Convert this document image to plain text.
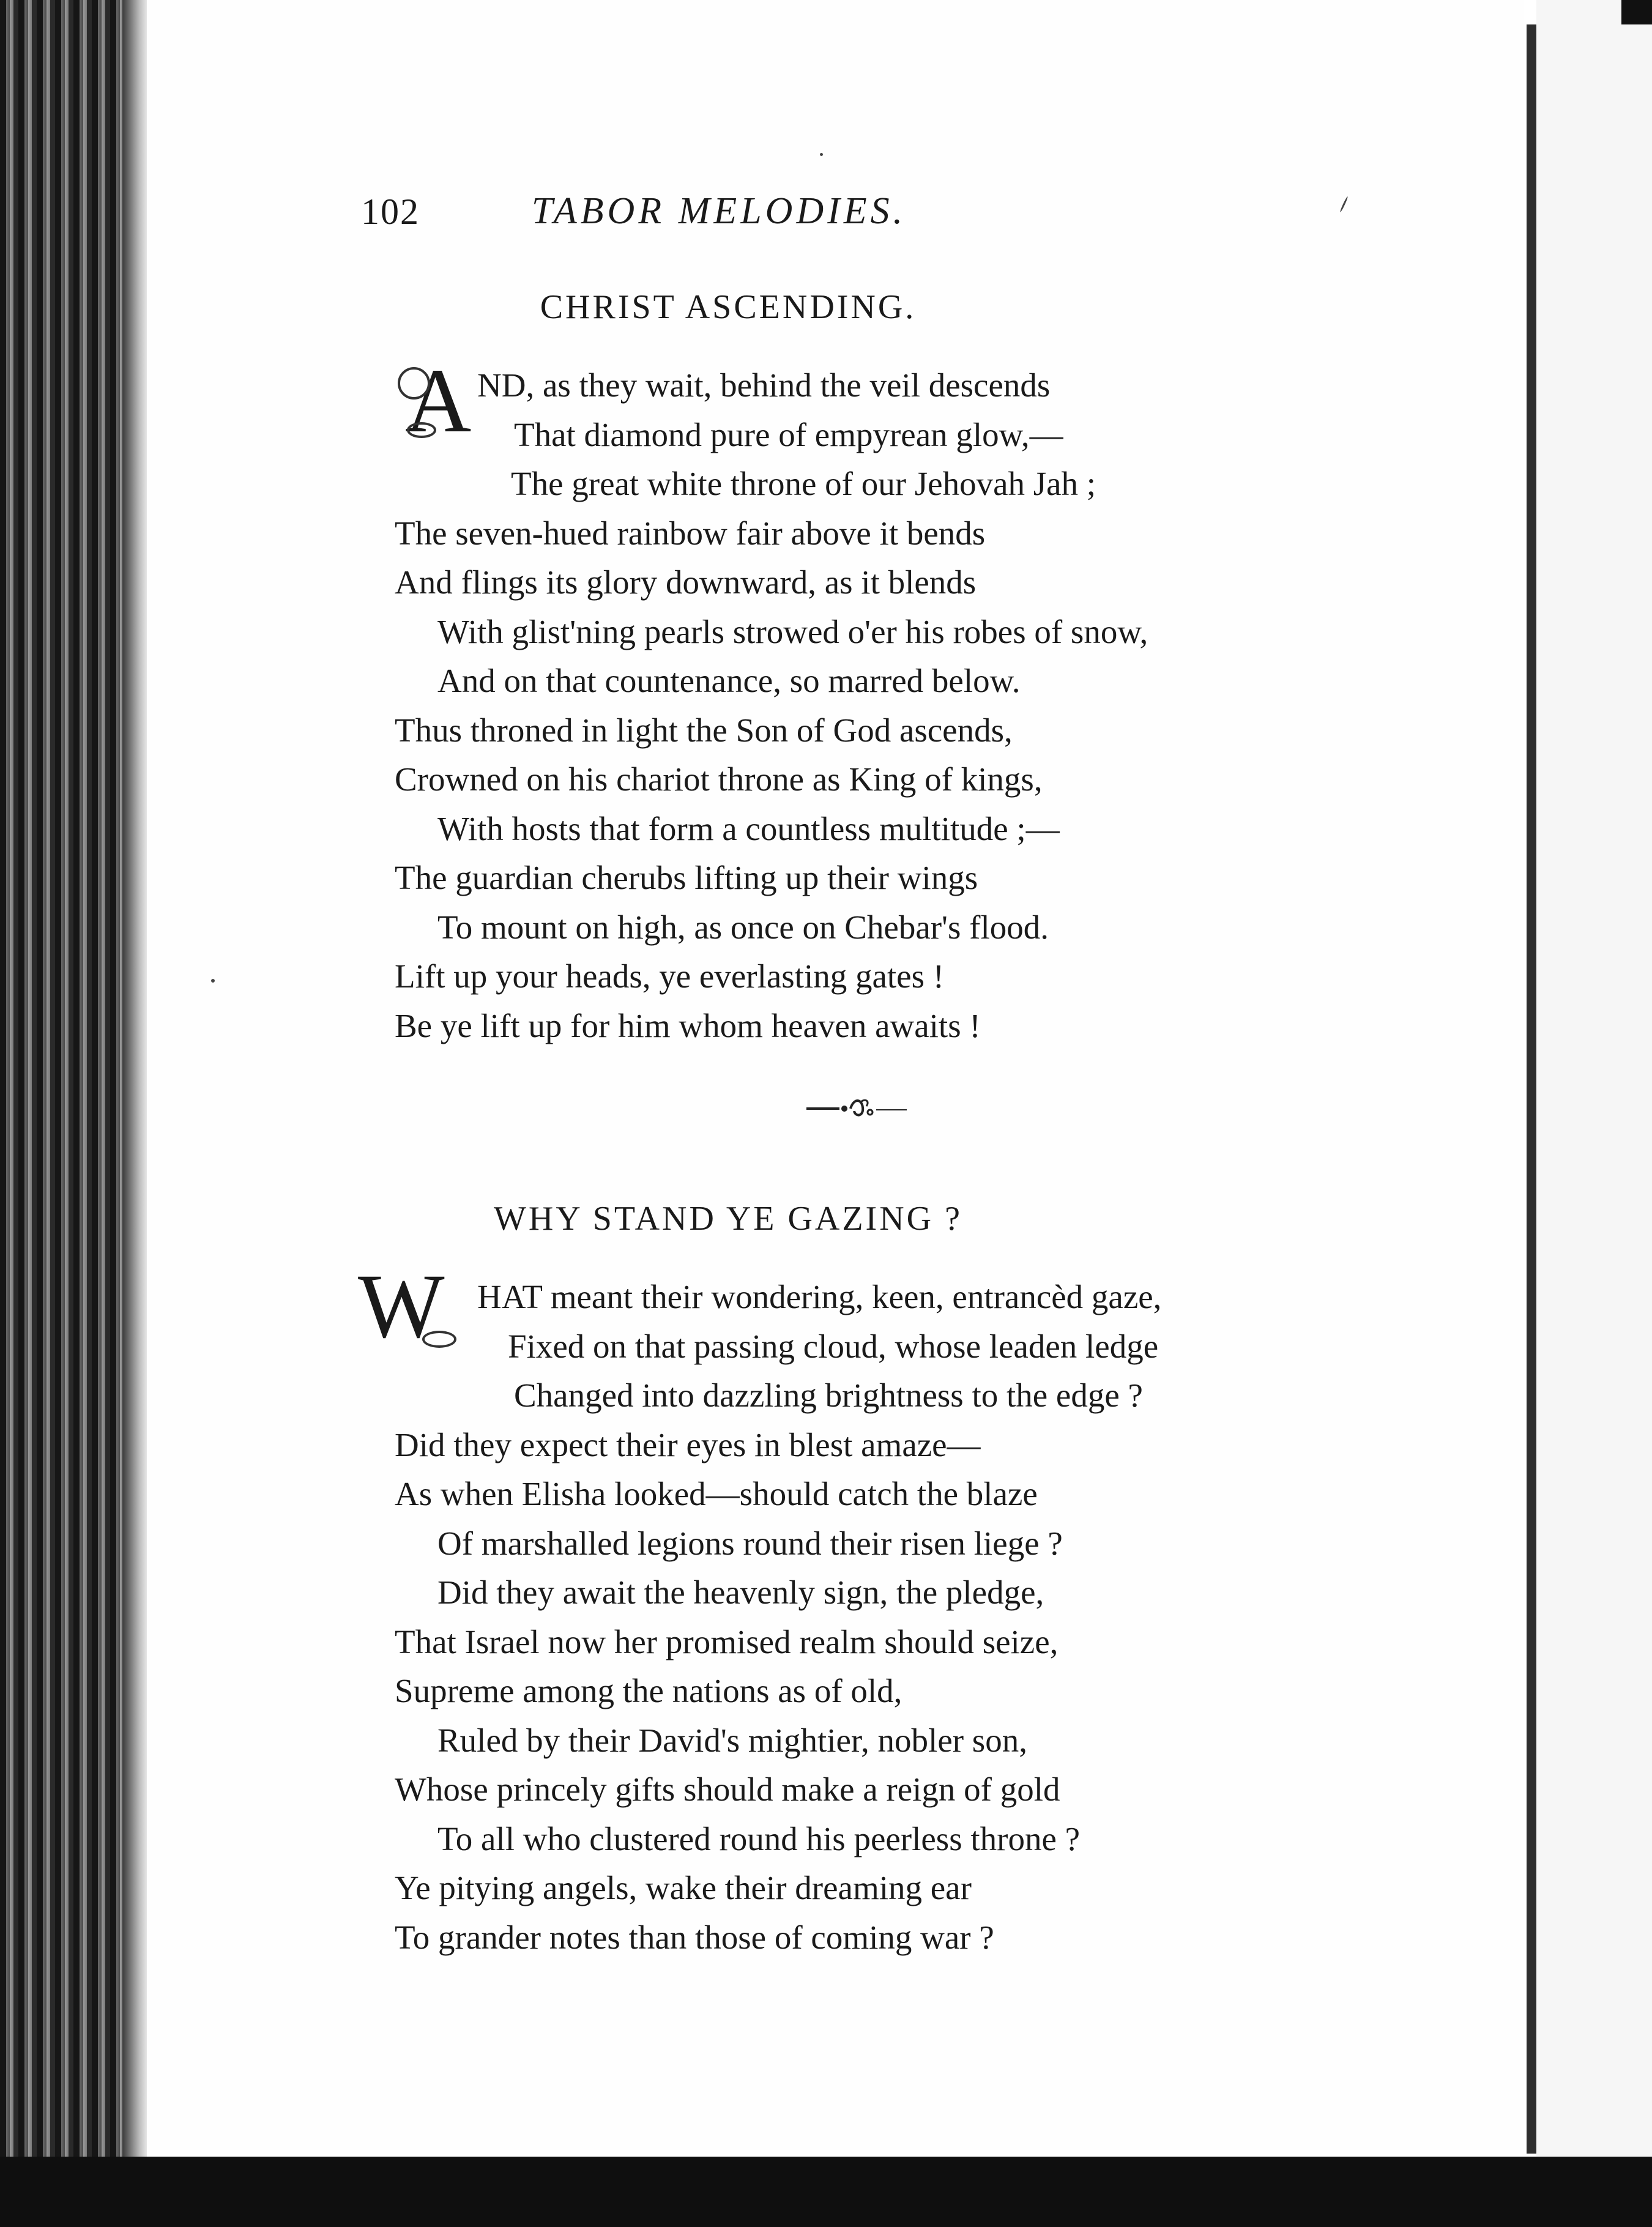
102	TABOR MELODIES.
CHRIST ASCENDING.
A ND, as they wait, behind the veil descends
That diamond pure of empyrean glow,—
The great white throne of our Jehovah Jah ;
The seven-hued rainbow fair above it bends
And flings its glory downward, as it blends
With glist'ning pearls strowed o'er his robes of snow,
And on that countenance, so marred below.
Thus throned in light the Son of God ascends,
Crowned on his chariot throne as King of kings,
With hosts that form a countless multitude ;—
The guardian cherubs lifting up their wings
To mount on high, as once on Chebar's flood.
Lift up your heads, ye everlasting gates !
Be ye lift up for him whom heaven awaits !
WHY STAND YE GAZING ?
W HAT meant their wondering, keen, entrancèd gaze,
Fixed on that passing cloud, whose leaden ledge
Changed into dazzling brightness to the edge ?
Did they expect their eyes in blest amaze—
As when Elisha looked—should catch the blaze
Of marshalled legions round their risen liege ?
Did they await the heavenly sign, the pledge,
That Israel now her promised realm should seize,
Supreme among the nations as of old,
Ruled by their David's mightier, nobler son,
Whose princely gifts should make a reign of gold
To all who clustered round his peerless throne ?
Ye pitying angels, wake their dreaming ear
To grander notes than those of coming war ?
